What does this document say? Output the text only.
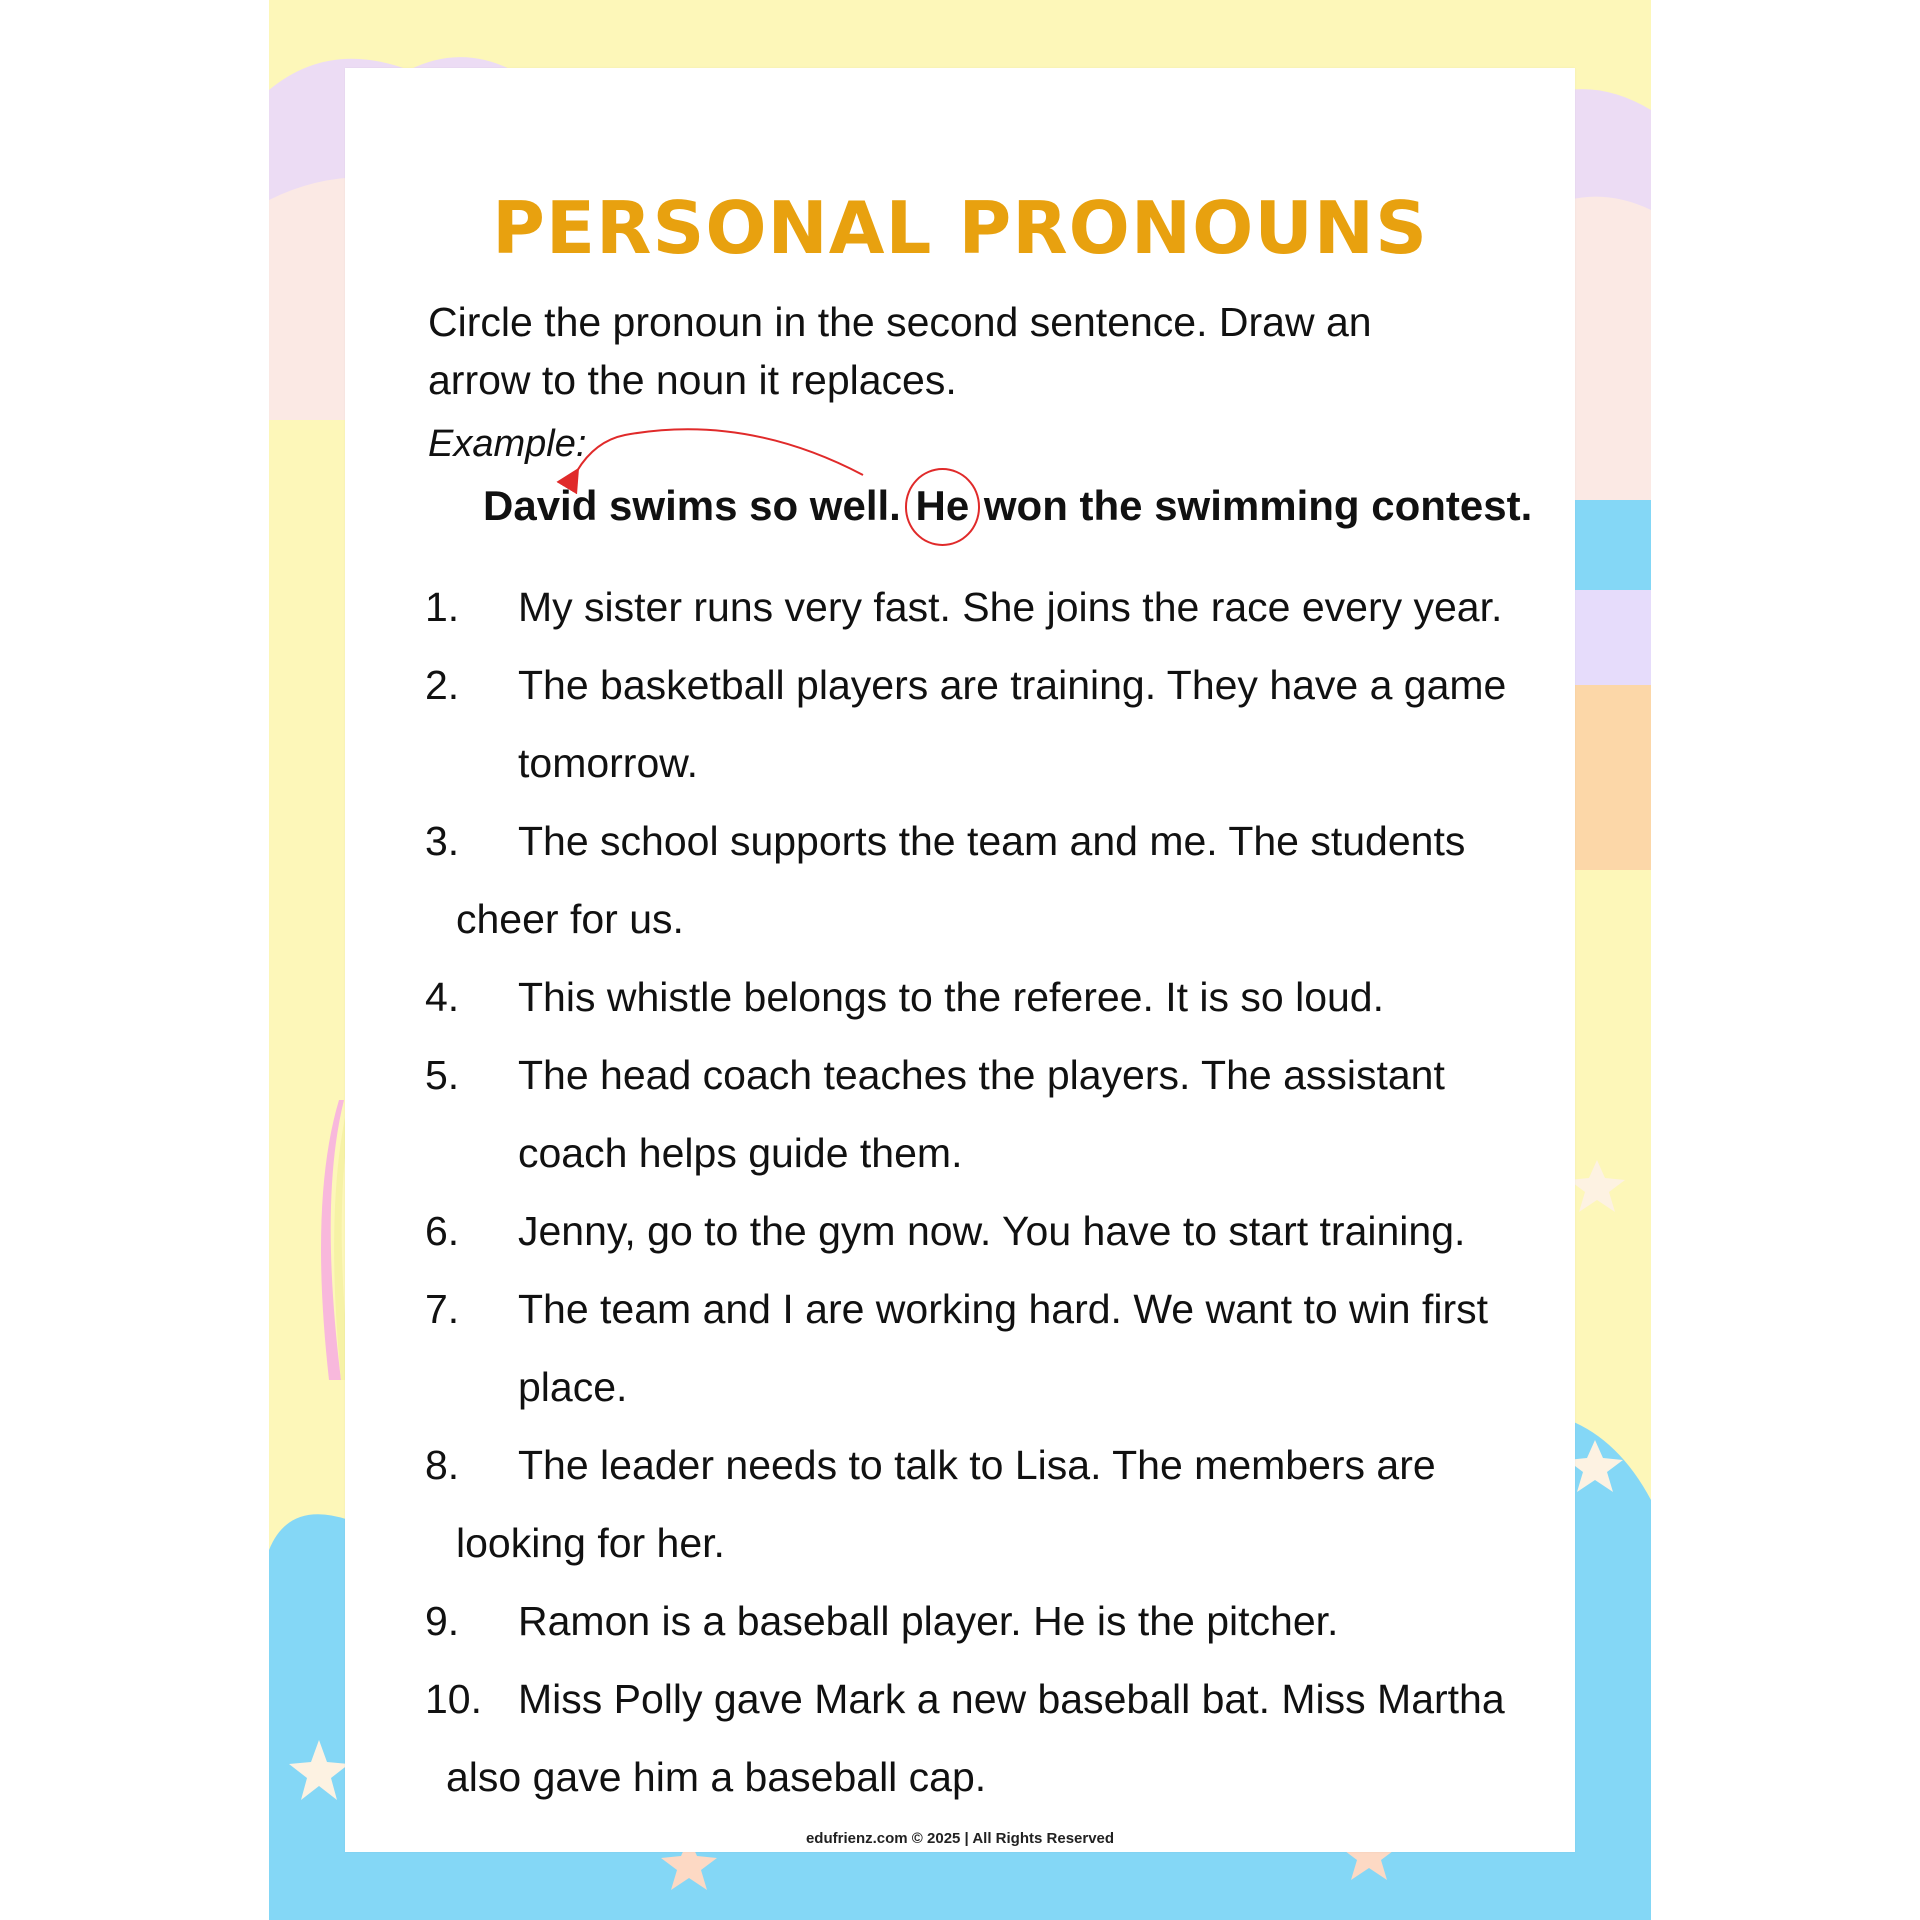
PERSONAL PRONOUNS
Circle the pronoun in the second sentence. Draw an arrow to the noun it replaces.
Example:
David swims so well. He won the swimming contest.
1.	My sister runs very fast. She joins the race every year.
2.	The basketball players are training. They have a game
tomorrow.
3.	The school supports the team and me. The students
cheer for us.
4.	This whistle belongs to the referee. It is so loud.
5.	The head coach teaches the players. The assistant
coach helps guide them.
6.	Jenny, go to the gym now. You have to start training.
7.	The team and I are working hard. We want to win first
place.
8.	The leader needs to talk to Lisa. The members are
looking for her.
9.	Ramon is a baseball player. He is the pitcher.
10. Miss Polly gave Mark a new baseball bat. Miss Martha
also gave him a baseball cap.
edufrienz.com © 2025 | All Rights Reserved
